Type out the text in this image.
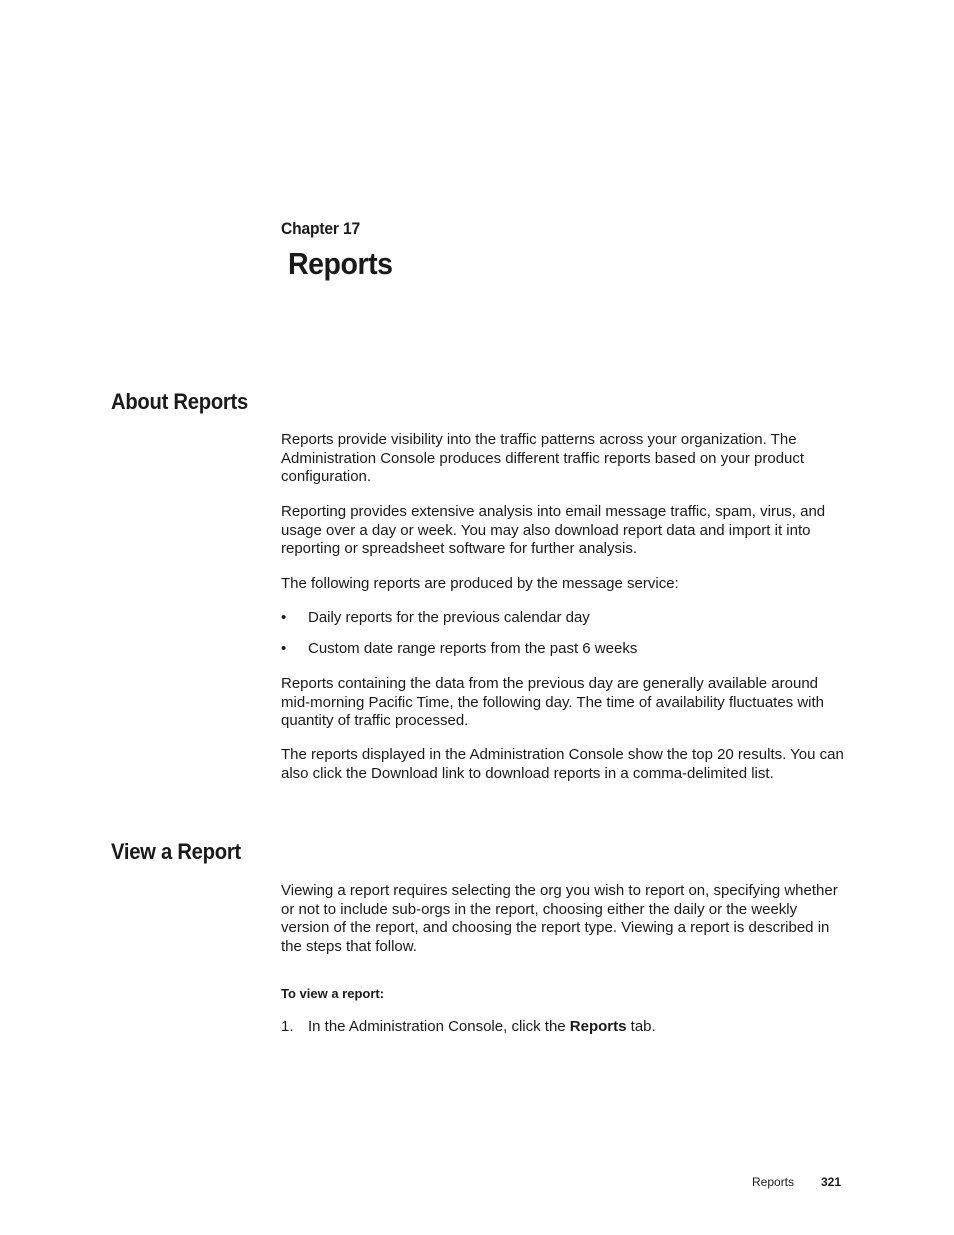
Chapter 17
Reports
About Reports

Reports provide visibility into the traffic patterns across your organization. The Administration Console produces different traffic reports based on your product configuration.

Reporting provides extensive analysis into email message traffic, spam, virus, and usage over a day or week. You may also download report data and import it into reporting or spreadsheet software for further analysis.

The following reports are produced by the message service:

• Daily reports for the previous calendar day
• Custom date range reports from the past 6 weeks

Reports containing the data from the previous day are generally available around mid-morning Pacific Time, the following day. The time of availability fluctuates with quantity of traffic processed.

The reports displayed in the Administration Console show the top 20 results. You can also click the Download link to download reports in a comma-delimited list.

View a Report

Viewing a report requires selecting the org you wish to report on, specifying whether or not to include sub-orgs in the report, choosing either the daily or the weekly version of the report, and choosing the report type. Viewing a report is described in the steps that follow.

To view a report:
1. In the Administration Console, click the Reports tab.
Reports 321
